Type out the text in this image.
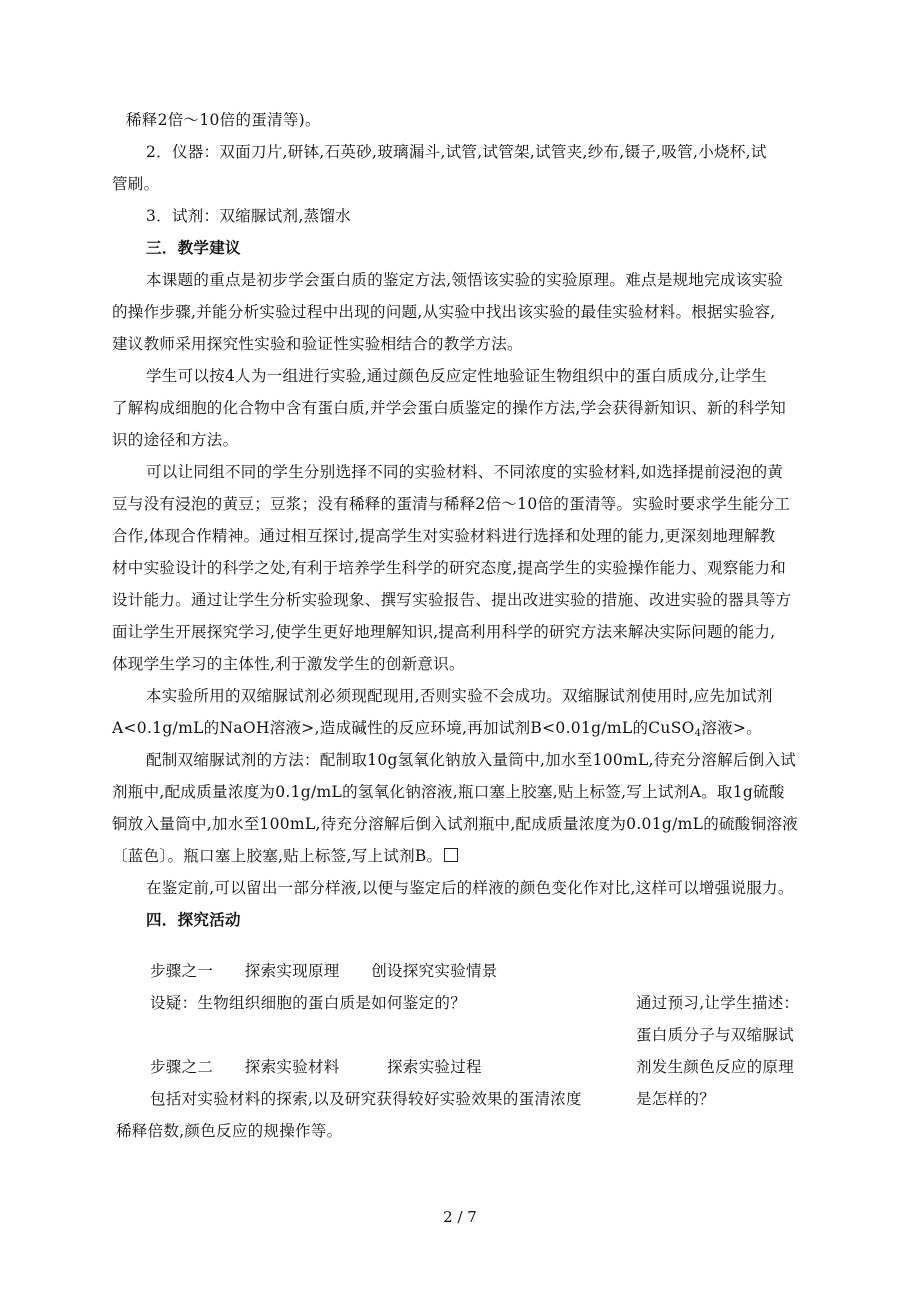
稀释2倍～10倍的蛋清等)。
2．仪器：双面刀片,研钵,石英砂,玻璃漏斗,试管,试管架,试管夹,纱布,镊子,吸管,小烧杯,试
管刷。
3．试剂：双缩脲试剂,蒸馏水
三．教学建议
本课题的重点是初步学会蛋白质的鉴定方法,领悟该实验的实验原理。难点是规地完成该实验
的操作步骤,并能分析实验过程中出现的问题,从实验中找出该实验的最佳实验材料。根据实验容,
建议教师采用探究性实验和验证性实验相结合的教学方法。
学生可以按4人为一组进行实验,通过颜色反应定性地验证生物组织中的蛋白质成分,让学生
了解构成细胞的化合物中含有蛋白质,并学会蛋白质鉴定的操作方法,学会获得新知识、新的科学知
识的途径和方法。
可以让同组不同的学生分别选择不同的实验材料、不同浓度的实验材料,如选择提前浸泡的黄
豆与没有浸泡的黄豆；豆浆；没有稀释的蛋清与稀释2倍～10倍的蛋清等。实验时要求学生能分工
合作,体现合作精神。通过相互探讨,提高学生对实验材料进行选择和处理的能力,更深刻地理解教
材中实验设计的科学之处,有利于培养学生科学的研究态度,提高学生的实验操作能力、观察能力和
设计能力。通过让学生分析实验现象、撰写实验报告、提出改进实验的措施、改进实验的器具等方
面让学生开展探究学习,使学生更好地理解知识,提高利用科学的研究方法来解决实际问题的能力,
体现学生学习的主体性,利于激发学生的创新意识。
本实验所用的双缩脲试剂必须现配现用,否则实验不会成功。双缩脲试剂使用时,应先加试剂
A<0.1g/mL的NaOH溶液>,造成碱性的反应环境,再加试剂B<0.01g/mL的CuSO$_4$溶液>。
配制双缩脲试剂的方法：配制取10g氢氧化钠放入量筒中,加水至100mL,待充分溶解后倒入试
剂瓶中,配成质量浓度为0.1g/mL的氢氧化钠溶液,瓶口塞上胶塞,贴上标签,写上试剂A。取1g硫酸
铜放入量筒中,加水至100mL,待充分溶解后倒入试剂瓶中,配成质量浓度为0.01g/mL的硫酸铜溶液
〔蓝色〕。瓶口塞上胶塞,贴上标签,写上试剂B。
在鉴定前,可以留出一部分样液,以便与鉴定后的样液的颜色变化作对比,这样可以增强说服力。
四．探究活动
步骤之一　　探索实现原理　　创设探究实验情景
设疑：生物组织细胞的蛋白质是如何鉴定的？
步骤之二　　探索实验材料　　　探索实验过程
包括对实验材料的探索,以及研究获得较好实验效果的蛋清浓度
稀释倍数,颜色反应的规操作等。
通过预习,让学生描述：
蛋白质分子与双缩脲试
剂发生颜色反应的原理
是怎样的？
2 / 7
